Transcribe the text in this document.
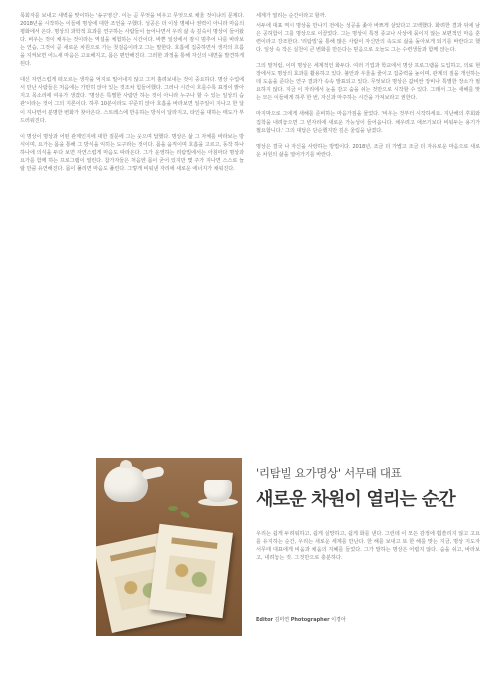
목회자를 보내고 새벽을 맞이하는 '송구영신'. 이는 곧 무엇을 비우고 무엇으로 채울 것이냐의 문제다. 2018년을 시작하는 이들에 명상에 대한 조언을 구했다. 성공은 더 이상 명예나 권력이 아니라 마음의 평화에서 온다. 명상의 과학적 효과를 연구하는 사람들이 늘어나면서 우리 삶 속 깊숙이 명상이 들어왔다. 비우는 것이 채우는 것이라는 역설을 체험하는 시간이다. 바쁜 일상에서 잠시 멈추어 나를 바라보는 연습, 그것이 곧 새로운 차원으로 가는 첫걸음이라고 그는 말한다. 호흡에 집중하면서 생각의 흐름을 지켜보면 어느새 마음은 고요해지고, 몸은 편안해진다. 그러한 과정을 통해 자신의 내면을 발견하게 된다.

대신 자연스럽게 떠오르는 생각을 억지로 밀어내지 않고 그저 흘려보내는 것이 중요하다. 명상 수업에서 만난 사람들은 처음에는 가만히 앉아 있는 것조차 힘들어했다. 그러나 시간이 흐를수록 표정이 밝아지고 목소리에 여유가 생겼다. '명상은 특별한 사람만 하는 것이 아니라 누구나 할 수 있는 일상의 습관'이라는 것이 그의 지론이다. 하루 10분이라도 꾸준히 앉아 호흡을 바라보면 일주일이 지나고 한 달이 지나면서 분명한 변화가 찾아온다. 스트레스에 반응하는 방식이 달라지고, 타인을 대하는 태도가 부드러워진다.

이 명상이 명상과 어떤 관계인지에 대한 질문에 그는 웃으며 답했다. 명상은 삶 그 자체를 바라보는 방식이며, 요가는 몸을 통해 그 방식을 익히는 도구라는 것이다. 몸을 움직이며 호흡을 고르고, 동작 하나하나에 의식을 두다 보면 자연스럽게 마음도 따라온다. 그가 운영하는 리탐빌에서는 아침마다 명상과 요가를 함께 하는 프로그램이 열린다. 참가자들은 처음엔 몸이 굳어 있지만 몇 주가 지나면 스스로 놀랄 만큼 유연해진다. 몸이 풀리면 마음도 풀린다. 그렇게 비워낸 자리에 새로운 에너지가 채워진다.

세계가 열리는 순간이라고 할까.

서두에 대표 역시 명상을 만나기 전에는 성공을 좇아 바쁘게 살았다고 고백했다. 화려한 결과 뒤에 남은 공허함이 그를 명상으로 이끌었다. 그는 명상이 특정 종교나 사상에 묶이지 않는 보편적인 마음 훈련이라고 강조한다. '리탐빌'을 통해 많은 사람이 자신만의 속도로 삶을 돌아보게 되기를 바란다고 했다. 일상 속 작은 실천이 큰 변화를 만든다는 믿음으로 오늘도 그는 수련생들과 함께 앉는다.

그의 말처럼, 이미 명상은 세계적인 화두다. 여러 기업과 학교에서 명상 프로그램을 도입하고, 의료 현장에서도 명상의 효과를 활용하고 있다. 불안과 우울을 줄이고 집중력을 높이며, 관계의 질을 개선하는 데 도움을 준다는 연구 결과가 속속 발표되고 있다. 무엇보다 명상은 값비싼 장비나 특별한 장소가 필요하지 않다. 지금 이 자리에서 눈을 감고 숨을 쉬는 것만으로 시작할 수 있다. 그래서 그는 새해를 맞는 모든 이들에게 하루 한 번, 자신과 마주하는 시간을 가져보라고 권한다.

마지막으로 그에게 새해를 준비하는 마음가짐을 물었다. '비우는 것부터 시작하세요. 지난해의 후회와 집착을 내려놓으면 그 빈자리에 새로운 가능성이 들어옵니다. 채우려고 애쓰기보다 비워두는 용기가 필요합니다.' 그의 대답은 단순했지만 깊은 울림을 남겼다.

명상은 결국 나 자신을 사랑하는 방법이다. 2018년, 조금 더 가볍고 조금 더 자유로운 마음으로 새로운 차원의 삶을 열어가기를 바란다.

'리탐빌 요가명상' 서무태 대표
새로운 차원이 열리는 순간
우리는 쉽게 두려워하고, 쉽게 실망하고, 쉽게 화를 낸다. 그런데 이 모든 감정에 휩쓸리지 않고 고요를 유지하는 순간, 우리는 새로운 세계를 만난다. 한 해를 보내고 또 한 해를 맞는 지금, 명상 지도자 서무태 대표에게 비움과 채움의 지혜를 들었다. 그가 말하는 명상은 어렵지 않다. 숨을 쉬고, 바라보고, 내려놓는 것. 그것만으로 충분하다.
Editor 김미연 Photographer 이경아
